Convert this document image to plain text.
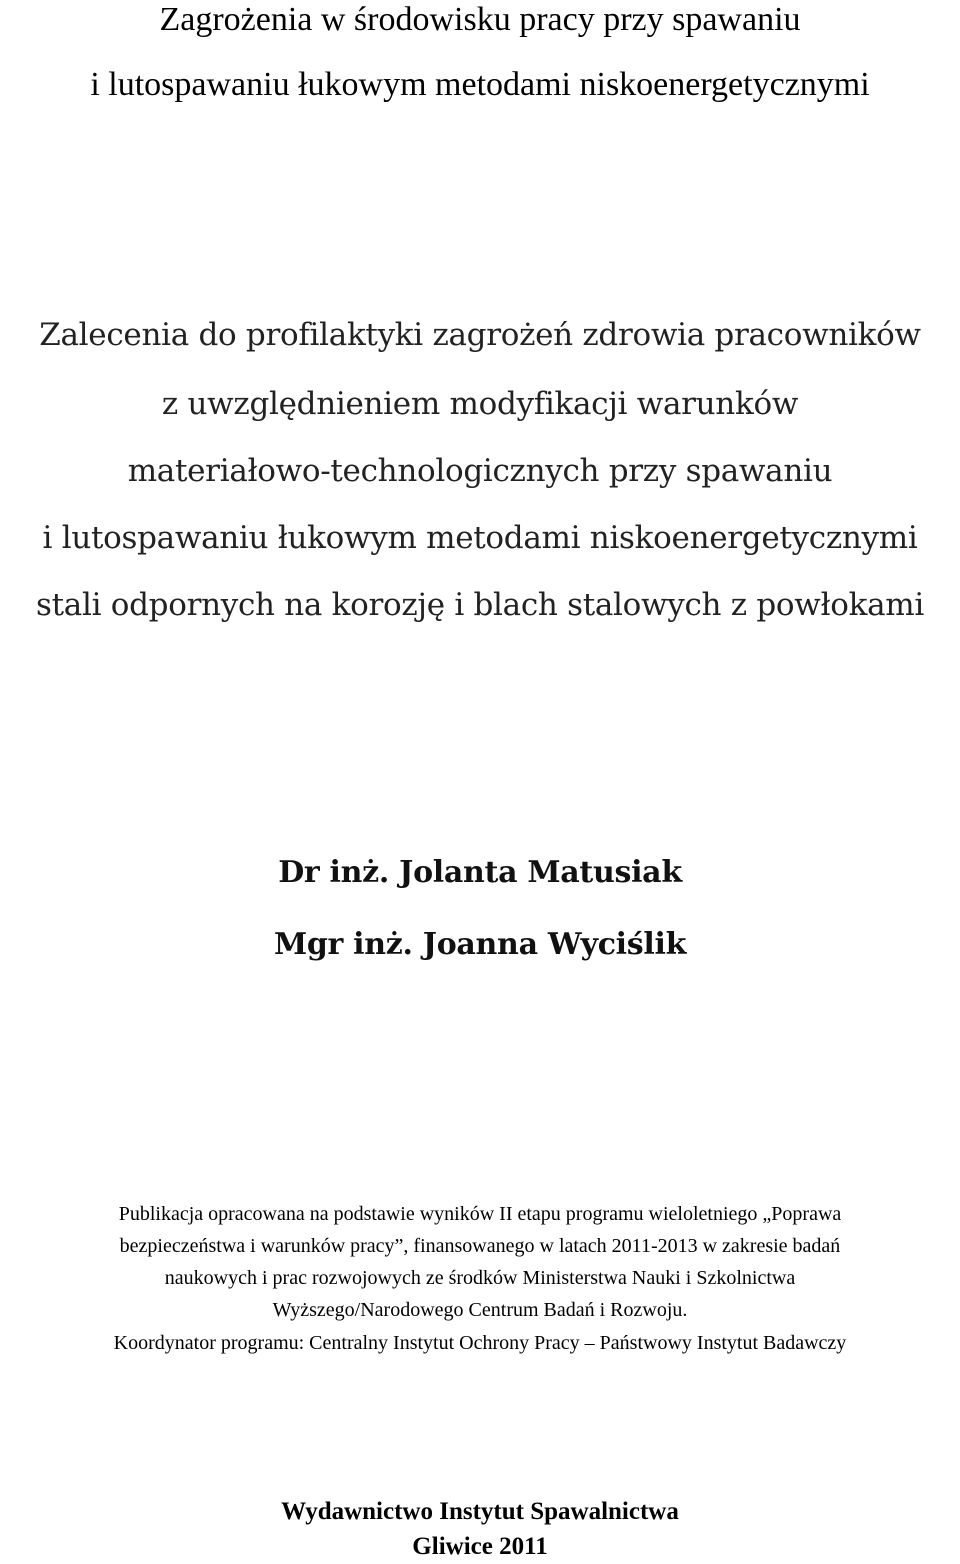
Zagrożenia w środowisku pracy przy spawaniu
i lutospawaniu łukowym metodami niskoenergetycznymi
Zalecenia do profilaktyki zagrożeń zdrowia pracowników
z uwzględnieniem modyfikacji warunków
materiałowo-technologicznych przy spawaniu
i lutospawaniu łukowym metodami niskoenergetycznymi
stali odpornych na korozję i blach stalowych z powłokami
Dr inż. Jolanta Matusiak
Mgr inż. Joanna Wyciślik
Publikacja opracowana na podstawie wyników II etapu programu wieloletniego „Poprawa
bezpieczeństwa i warunków pracy”, finansowanego w latach 2011-2013 w zakresie badań
naukowych i prac rozwojowych ze środków Ministerstwa Nauki i Szkolnictwa
Wyższego/Narodowego Centrum Badań i Rozwoju.
Koordynator programu: Centralny Instytut Ochrony Pracy – Państwowy Instytut Badawczy
Wydawnictwo Instytut Spawalnictwa
Gliwice 2011
